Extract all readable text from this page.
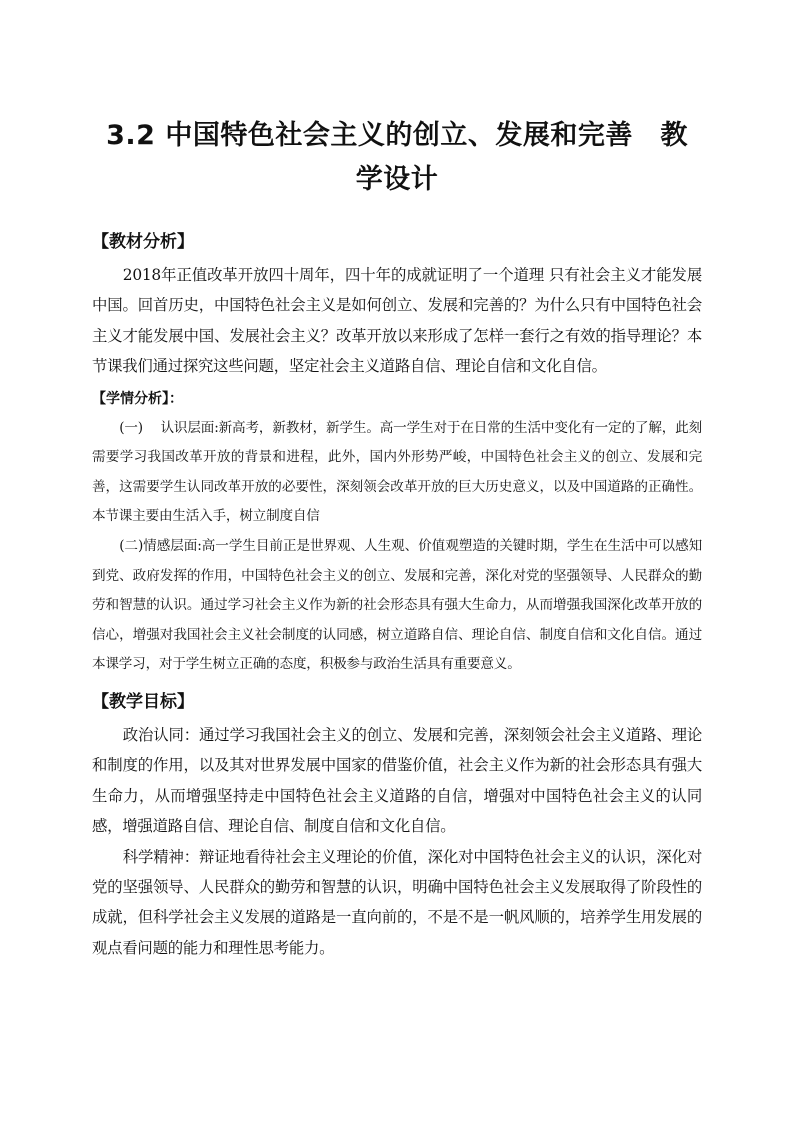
3.2 中国特色社会主义的创立、发展和完善　教
学设计
【教材分析】

2018年正值改革开放四十周年，四十年的成就证明了一个道理 只有社会主义才能发展中国。回首历史，中国特色社会主义是如何创立、发展和完善的？为什么只有中国特色社会主义才能发展中国、发展社会主义？改革开放以来形成了怎样一套行之有效的指导理论？本节课我们通过探究这些问题，坚定社会主义道路自信、理论自信和文化自信。

【学情分析】：

(一)　 认识层面:新高考，新教材，新学生。高一学生对于在日常的生活中变化有一定的了解，此刻需要学习我国改革开放的背景和进程，此外，国内外形势严峻，中国特色社会主义的创立、发展和完善，这需要学生认同改革开放的必要性，深刻领会改革开放的巨大历史意义，以及中国道路的正确性。本节课主要由生活入手，树立制度自信

(二)情感层面:高一学生目前正是世界观、人生观、价值观塑造的关键时期，学生在生活中可以感知到党、政府发挥的作用，中国特色社会主义的创立、发展和完善，深化对党的坚强领导、人民群众的勤劳和智慧的认识。通过学习社会主义作为新的社会形态具有强大生命力，从而增强我国深化改革开放的信心，增强对我国社会主义社会制度的认同感，树立道路自信、理论自信、制度自信和文化自信。通过本课学习，对于学生树立正确的态度，积极参与政治生活具有重要意义。

【教学目标】

政治认同：通过学习我国社会主义的创立、发展和完善，深刻领会社会主义道路、理论和制度的作用，以及其对世界发展中国家的借鉴价值，社会主义作为新的社会形态具有强大生命力，从而增强坚持走中国特色社会主义道路的自信，增强对中国特色社会主义的认同感，增强道路自信、理论自信、制度自信和文化自信。

科学精神：辩证地看待社会主义理论的价值，深化对中国特色社会主义的认识，深化对党的坚强领导、人民群众的勤劳和智慧的认识，明确中国特色社会主义发展取得了阶段性的成就，但科学社会主义发展的道路是一直向前的，不是不是一帆风顺的，培养学生用发展的观点看问题的能力和理性思考能力。
